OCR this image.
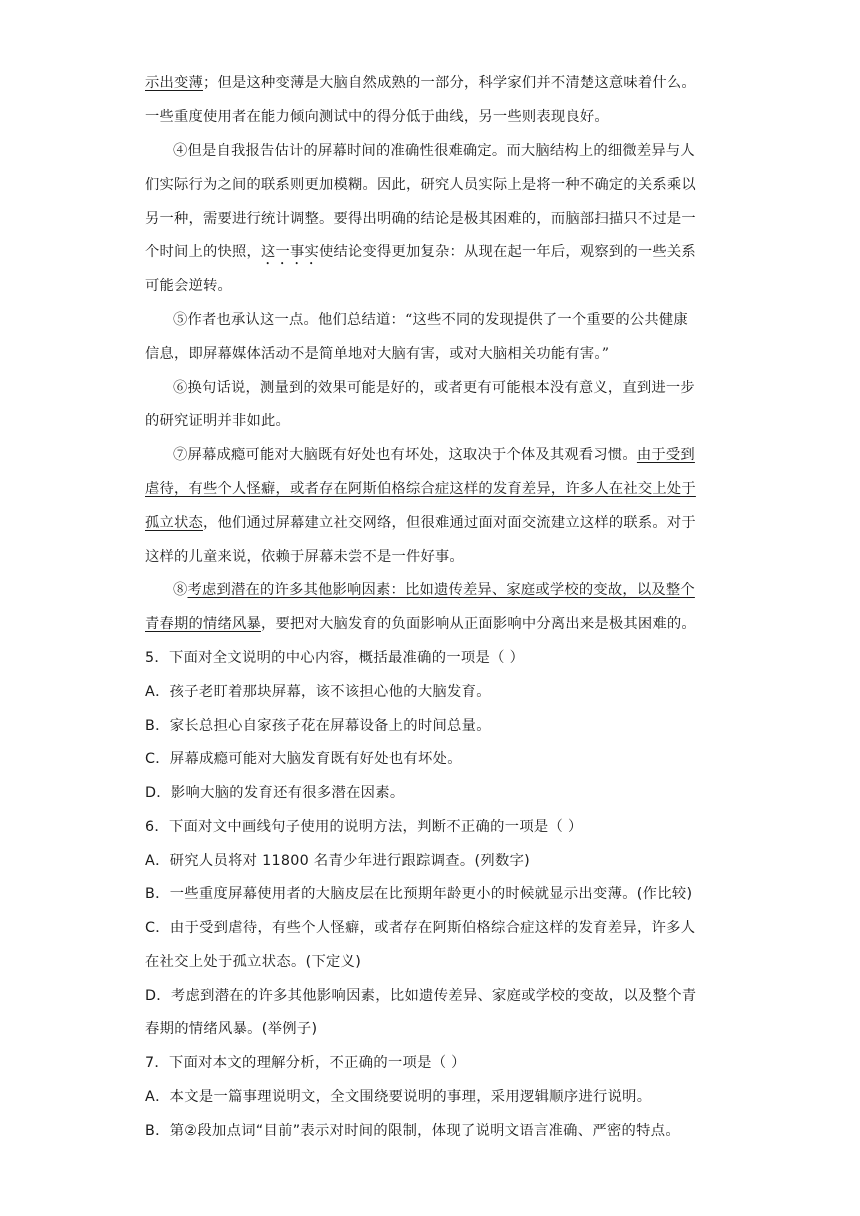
示出变薄；但是这种变薄是大脑自然成熟的一部分，科学家们并不清楚这意味着什么。
一些重度使用者在能力倾向测试中的得分低于曲线，另一些则表现良好。
④但是自我报告估计的屏幕时间的准确性很难确定。而大脑结构上的细微差异与人
们实际行为之间的联系则更加模糊。因此，研究人员实际上是将一种不确定的关系乘以
另一种，需要进行统计调整。要得出明确的结论是极其困难的，而脑部扫描只不过是一
个时间上的快照，这一事实使结论变得更加复杂：从现在起一年后，观察到的一些关系
可能会逆转。
⑤作者也承认这一点。他们总结道：“这些不同的发现提供了一个重要的公共健康
信息，即屏幕媒体活动不是简单地对大脑有害，或对大脑相关功能有害。”
⑥换句话说，测量到的效果可能是好的，或者更有可能根本没有意义，直到进一步
的研究证明并非如此。
⑦屏幕成瘾可能对大脑既有好处也有坏处，这取决于个体及其观看习惯。由于受到
虐待，有些个人怪癖，或者存在阿斯伯格综合症这样的发育差异，许多人在社交上处于
孤立状态，他们通过屏幕建立社交网络，但很难通过面对面交流建立这样的联系。对于
这样的儿童来说，依赖于屏幕未尝不是一件好事。
⑧考虑到潜在的许多其他影响因素：比如遗传差异、家庭或学校的变故，以及整个
青春期的情绪风暴，要把对大脑发育的负面影响从正面影响中分离出来是极其困难的。
5．下面对全文说明的中心内容，概括最准确的一项是（ ）
A．孩子老盯着那块屏幕，该不该担心他的大脑发育。
B．家长总担心自家孩子花在屏幕设备上的时间总量。
C．屏幕成瘾可能对大脑发育既有好处也有坏处。
D．影响大脑的发育还有很多潜在因素。
6．下面对文中画线句子使用的说明方法，判断不正确的一项是（ ）
A．研究人员将对 11800 名青少年进行跟踪调查。(列数字)
B．一些重度屏幕使用者的大脑皮层在比预期年龄更小的时候就显示出变薄。(作比较)
C．由于受到虐待，有些个人怪癖，或者存在阿斯伯格综合症这样的发育差异，许多人
在社交上处于孤立状态。(下定义)
D．考虑到潜在的许多其他影响因素，比如遗传差异、家庭或学校的变故，以及整个青
春期的情绪风暴。(举例子)
7．下面对本文的理解分析，不正确的一项是（ ）
A．本文是一篇事理说明文，全文围绕要说明的事理，采用逻辑顺序进行说明。
B．第②段加点词“目前”表示对时间的限制，体现了说明文语言准确、严密的特点。
